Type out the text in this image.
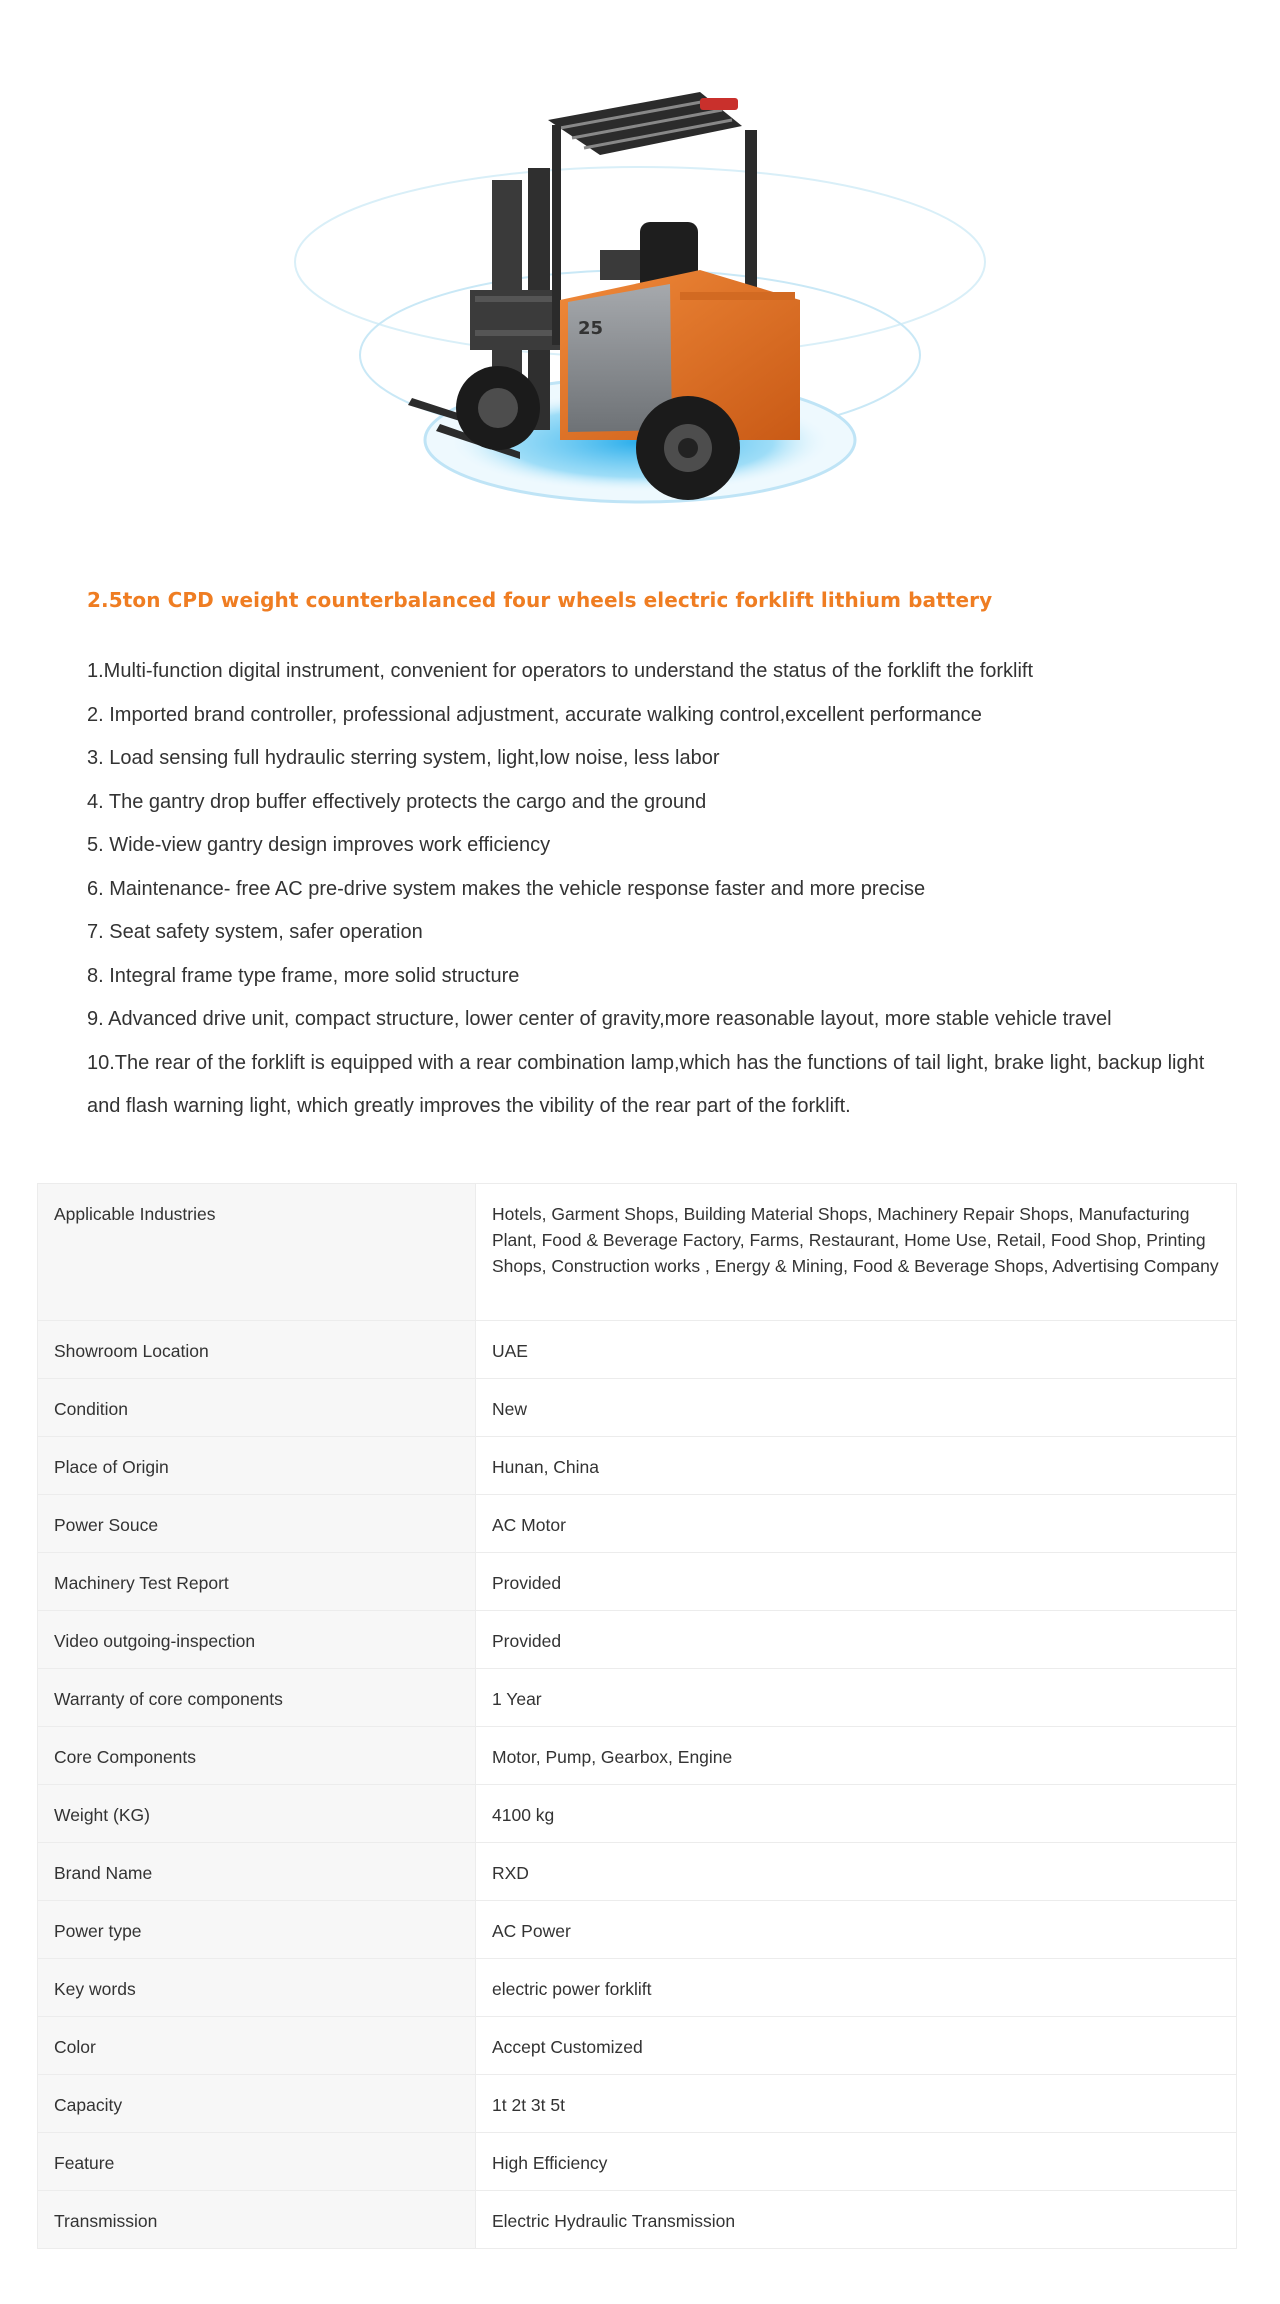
25
2.5ton CPD weight counterbalanced four wheels electric forklift lithium battery
1.Multi-function digital instrument, convenient for operators to understand the status of the forklift the forklift
2. Imported brand controller, professional adjustment, accurate walking control,excellent performance
3. Load sensing full hydraulic sterring system, light,low noise, less labor
4. The gantry drop buffer effectively protects the cargo and the ground
5. Wide-view gantry design improves work efficiency
6. Maintenance- free AC pre-drive system makes the vehicle response faster and more precise
7. Seat safety system, safer operation
8. Integral frame type frame, more solid structure
9. Advanced drive unit, compact structure, lower center of gravity,more reasonable layout, more stable vehicle travel
10.The rear of the forklift is equipped with a rear combination lamp,which has the functions of tail light, brake light, backup light and flash warning light, which greatly improves the vibility of the rear part of the forklift.
Applicable Industries	Hotels, Garment Shops, Building Material Shops, Machinery Repair Shops, Manufacturing Plant, Food & Beverage Factory, Farms, Restaurant, Home Use, Retail, Food Shop, Printing Shops, Construction works , Energy & Mining, Food & Beverage Shops, Advertising Company
Showroom Location	UAE
Condition	New
Place of Origin	Hunan, China
Power Souce	AC Motor
Machinery Test Report	Provided
Video outgoing-inspection	Provided
Warranty of core components	1 Year
Core Components	Motor, Pump, Gearbox, Engine
Weight (KG)	4100 kg
Brand Name	RXD
Power type	AC Power
Key words	electric power forklift
Color	Accept Customized
Capacity	1t 2t 3t 5t
Feature	High Efficiency
Transmission	Electric Hydraulic Transmission
